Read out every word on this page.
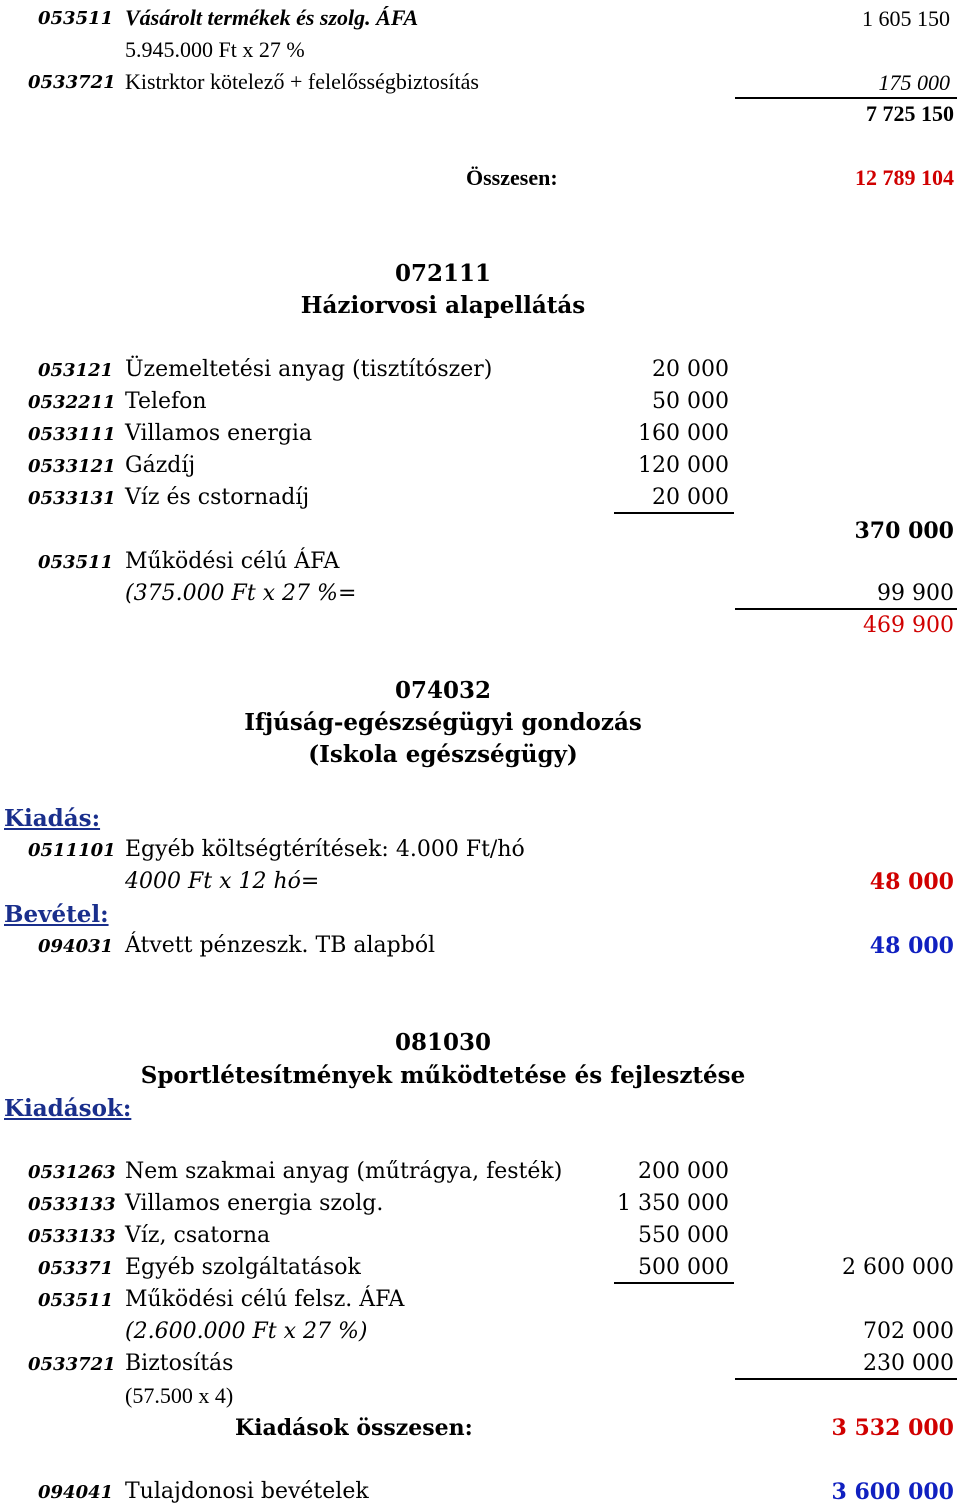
053511 Vásárolt termékek és szolg. ÁFA	1 605 150
5.945.000 Ft x 27 %
0533721 Kistrktor kötelező + felelősségbiztosítás	175 000
7 725 150
Összesen:	12 789 104
072111
Háziorvosi alapellátás
053121 Üzemeltetési anyag (tisztítószer)	20 000
0532211 Telefon	50 000
0533111 Villamos energia	160 000
0533121 Gázdíj	120 000
0533131 Víz és cstornadíj	20 000
370 000
053511 Működési célú ÁFA
(375.000 Ft x 27 %=	99 900
469 900
074032
Ifjúság-egészségügyi gondozás
(Iskola egészségügy)
Kiadás:
0511101 Egyéb költségtérítések: 4.000 Ft/hó
4000 Ft x 12 hó=	48 000
Bevétel:
094031 Átvett pénzeszk. TB alapból	48 000
081030
Sportlétesítmények működtetése és fejlesztése
Kiadások:
0531263 Nem szakmai anyag (műtrágya, festék)	200 000
0533133 Villamos energia szolg.	1 350 000
0533133 Víz, csatorna	550 000
053371 Egyéb szolgáltatások	500 000	2 600 000
053511 Működési célú felsz. ÁFA
(2.600.000 Ft x 27 %)	702 000
0533721 Biztosítás	230 000
(57.500 x 4)
Kiadások összesen:	3 532 000
094041 Tulajdonosi bevételek	3 600 000
